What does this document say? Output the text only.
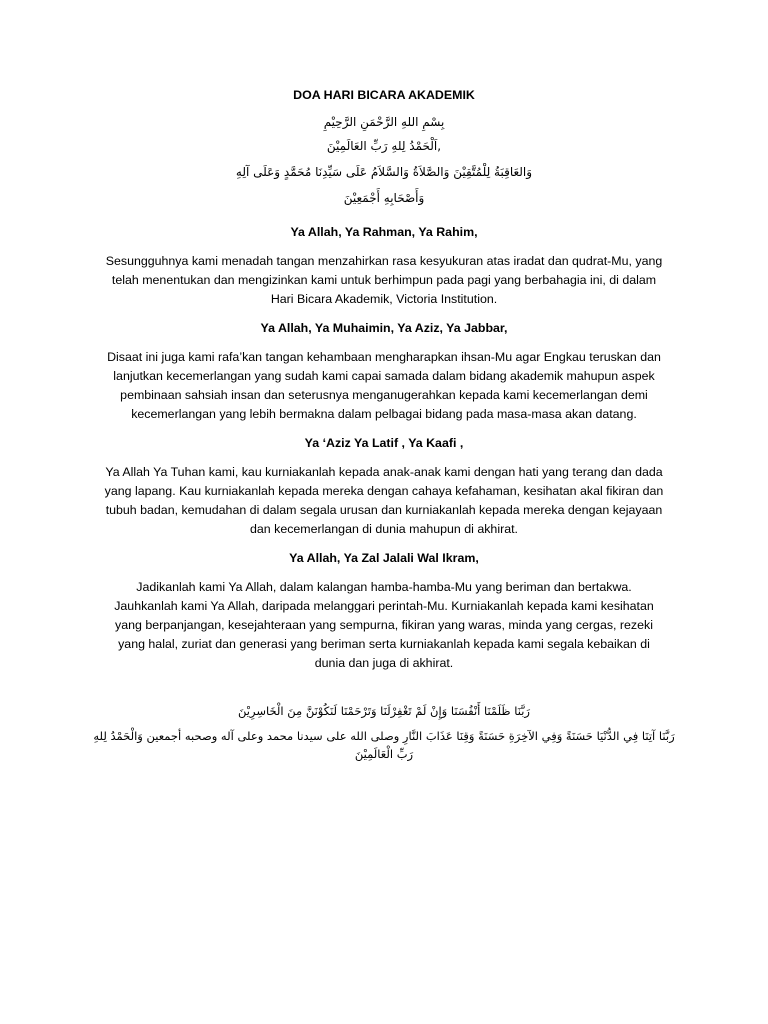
DOA HARI BICARA AKADEMIK
بِسْمِ اللهِ الرَّحْمَنِ الرَّحِيْمِ
,اَلْحَمْدُ لِلهِ رَبِّ العَالَمِيْنَ
وَالعَاقِبَةُ لِلْمُتَّقِيْنَ وَالصَّلاَةُ وَالسَّلاَمُ عَلَى سَيِّدِنَا مُحَمَّدٍ وَعَلَى آلِهِ
وَأَصْحَابِهِ أَجْمَعِيْنَ
Ya Allah, Ya Rahman, Ya Rahim,
Sesungguhnya kami menadah tangan menzahirkan rasa kesyukuran atas iradat dan qudrat-Mu, yang
telah menentukan dan mengizinkan kami untuk berhimpun pada pagi yang berbahagia ini, di dalam
Hari Bicara Akademik, Victoria Institution.
Ya Allah, Ya Muhaimin, Ya Aziz, Ya Jabbar,
Disaat ini juga kami rafa’kan tangan kehambaan mengharapkan ihsan-Mu agar Engkau teruskan dan
lanjutkan kecemerlangan yang sudah kami capai samada dalam bidang akademik mahupun aspek
pembinaan sahsiah insan dan seterusnya menganugerahkan kepada kami kecemerlangan demi
kecemerlangan yang lebih bermakna dalam pelbagai bidang pada masa-masa akan datang.
Ya ‘Aziz Ya Latif , Ya Kaafi ,
Ya Allah Ya Tuhan kami, kau kurniakanlah kepada anak-anak kami dengan hati yang terang dan dada
yang lapang. Kau kurniakanlah kepada mereka dengan cahaya kefahaman, kesihatan akal fikiran dan
tubuh badan, kemudahan di dalam segala urusan dan kurniakanlah kepada mereka dengan kejayaan
dan kecemerlangan di dunia mahupun di akhirat.
Ya Allah, Ya Zal Jalali Wal Ikram,
Jadikanlah kami Ya Allah, dalam kalangan hamba-hamba-Mu yang beriman dan bertakwa.
Jauhkanlah kami Ya Allah, daripada melanggari perintah-Mu. Kurniakanlah kepada kami kesihatan
yang berpanjangan, kesejahteraan yang sempurna, fikiran yang waras, minda yang cergas, rezeki
yang halal, zuriat dan generasi yang beriman serta kurniakanlah kepada kami segala kebaikan di
dunia dan juga di akhirat.
رَبَّنَا ظَلَمْنَا أَنْفُسَنَا وَإِنْ لَمْ تَغْفِرْلَنَا وَتَرْحَمْنَا لَنَكُوْنَنَّ مِنَ الْخَاسِرِيْنَ
رَبَّنَا آتِنَا فِي الدُّنْيَا حَسَنَةً وَفِي الآخِرَةِ حَسَنَةً وَقِنَا عَذَابَ النَّارِ وصلى الله على سيدنا محمد وعلى آله وصحبه أجمعين وَالْحَمْدُ لِلهِ
رَبِّ الْعَالَمِيْنَ
